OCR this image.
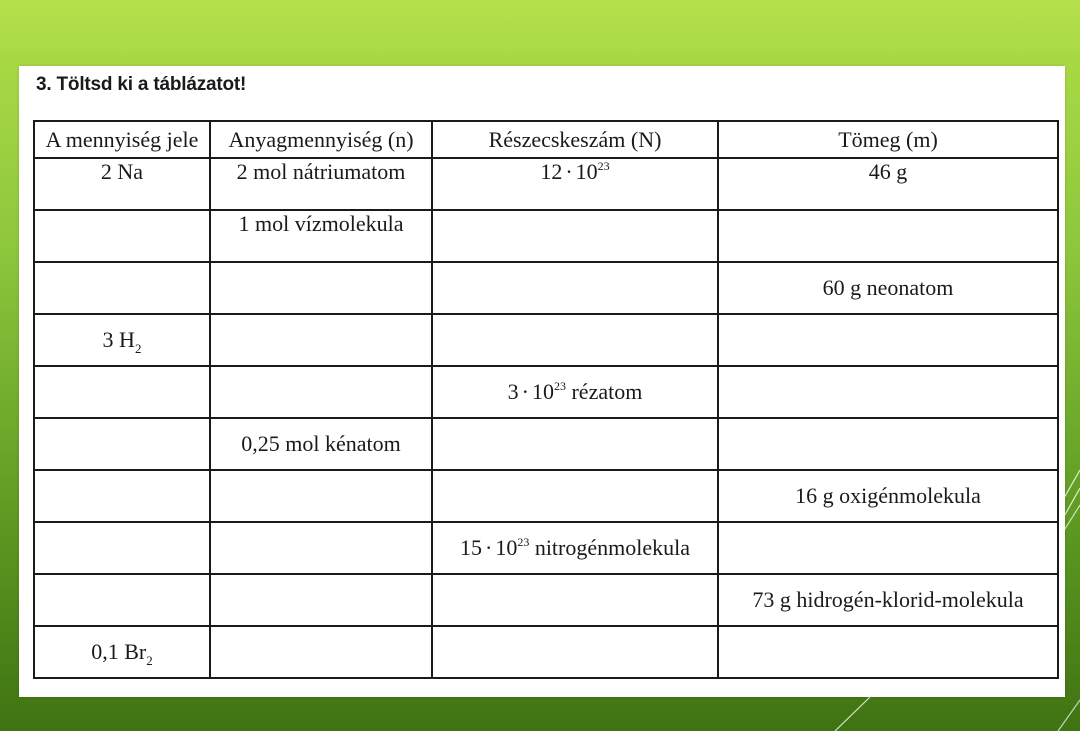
3. Töltsd ki a táblázatot!
A mennyiség jele	Anyagmennyiség (n)	Részecskeszám (N)	Tömeg (m)
2 Na	2 mol nátriumatom	$12 \cdot 10^{23}$	46 g
	1 mol vízmolekula		
			60 g neonatom
3 $H_2$			
		$3 \cdot 10^{23}$ rézatom	
	0,25 mol kénatom		
			16 g oxigénmolekula
		$15 \cdot 10^{23}$ nitrogénmolekula	
			73 g hidrogén-klorid-molekula
0,1 $Br_2$			
